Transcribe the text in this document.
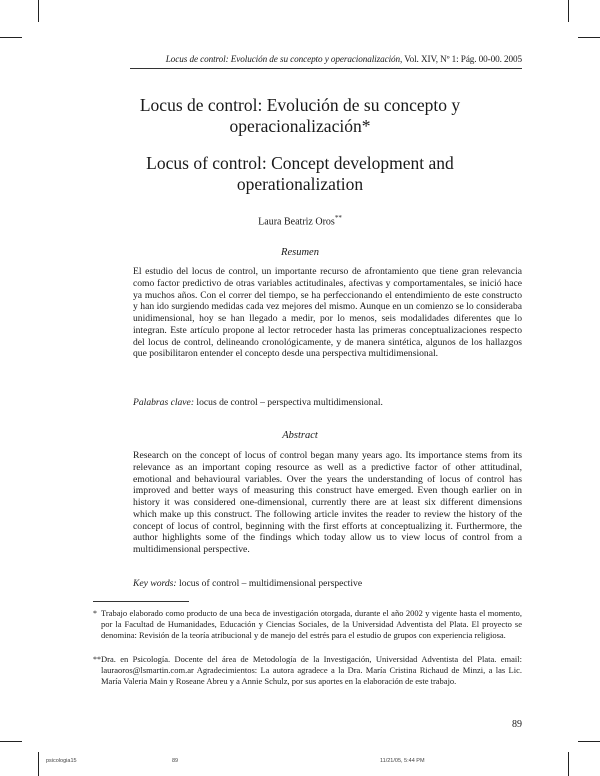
Locus de control: Evolución de su concepto y operacionalización, Vol. XIV, Nº 1: Pág. 00-00. 2005
Locus de control: Evolución de su concepto y
operacionalización*
Locus of control: Concept development and
operationalization
Laura Beatriz Oros**
Resumen
El estudio del locus de control, un importante recurso de afrontamiento que tiene gran relevancia como factor predictivo de otras variables actitudinales, afectivas y comportamentales, se inició hace ya muchos años. Con el correr del tiempo, se ha perfeccionando el entendimiento de este constructo y han ido surgiendo medidas cada vez mejores del mismo. Aunque en un comienzo se lo consideraba unidimensional, hoy se han llegado a medir, por lo menos, seis modalidades diferentes que lo integran. Este artículo propone al lector retroceder hasta las primeras conceptualizaciones respecto del locus de control, delineando cronológicamente, y de manera sintética, algunos de los hallazgos que posibilitaron entender el concepto desde una perspectiva multidimensional.
Palabras clave: locus de control – perspectiva multidimensional.
Abstract
Research on the concept of locus of control began many years ago. Its importance stems from its relevance as an important coping resource as well as a predictive factor of other attitudinal, emotional and behavioural variables. Over the years the understanding of locus of control has improved and better ways of measuring this construct have emerged. Even though earlier on in history it was considered one-dimensional, currently there are at least six different dimensions which make up this construct. The following article invites the reader to review the history of the concept of locus of control, beginning with the first efforts at conceptualizing it. Furthermore, the author highlights some of the findings which today allow us to view locus of control from a multidimensional perspective.
Key words: locus of control – multidimensional perspective
* Trabajo elaborado como producto de una beca de investigación otorgada, durante el año 2002 y vigente hasta el momento, por la Facultad de Humanidades, Educación y Ciencias Sociales, de la Universidad Adventista del Plata. El proyecto se denomina: Revisión de la teoría atribucional y de manejo del estrés para el estudio de grupos con experiencia religiosa.
** Dra. en Psicología. Docente del área de Metodología de la Investigación, Universidad Adventista del Plata. email: lauraoros@lsmartin.com.ar Agradecimientos: La autora agradece a la Dra. María Cristina Richaud de Minzi, a las Lic. María Valeria Main y Roseane Abreu y a Annie Schulz, por sus aportes en la elaboración de este trabajo.
89
psicologia15	89	11/21/05, 5:44 PM
